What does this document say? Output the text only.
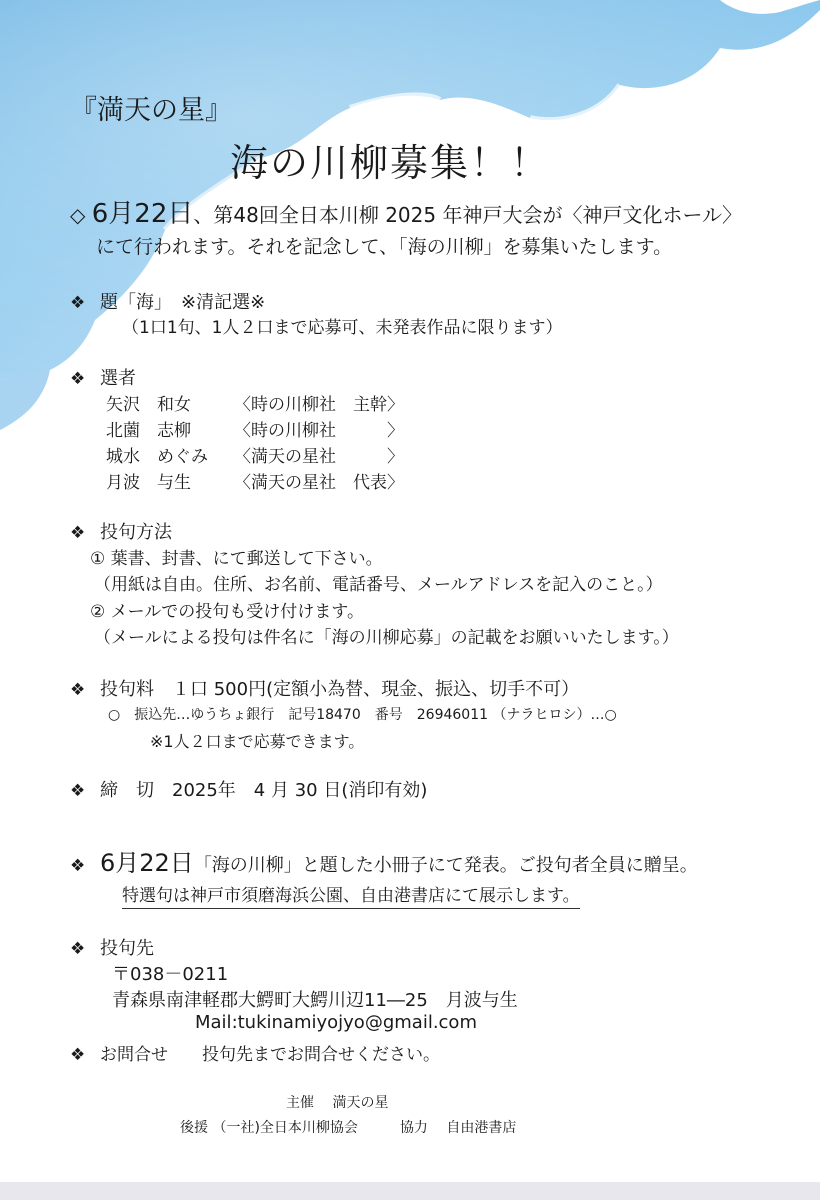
『満天の星』
海の川柳募集！！
◇ 6月22日、第48回全日本川柳 2025 年神戸大会が〈神戸文化ホール〉
にて行われます。それを記念して、「海の川柳」を募集いたします。
❖ 題「海」　※清記選※
（1口1句、1人２口まで応募可、未発表作品に限ります）
❖ 選者
矢沢　和女	〈時の川柳社　主幹〉
北薗　志柳	〈時の川柳社　　　〉
城水　めぐみ 〈満天の星社　　　〉
月波　与生	〈満天の星社　代表〉
❖ 投句方法
① 葉書、封書、にて郵送して下さい。
（用紙は自由。住所、お名前、電話番号、メールアドレスを記入のこと。）
② メールでの投句も受け付けます。
（メールによる投句は件名に「海の川柳応募」の記載をお願いいたします。）
❖ 投句料　１口 500円(定額小為替、現金、振込、切手不可）
○　振込先…ゆうちょ銀行　記号18470　番号　26946011 （ナラヒロシ）…○
※1人２口まで応募できます。
❖ 締　切　2025年　4 月 30 日(消印有効)
❖ 6月22日「海の川柳」と題した小冊子にて発表。ご投句者全員に贈呈。
特選句は神戸市須磨海浜公園、自由港書店にて展示します。
❖ 投句先
〒038－0211
青森県南津軽郡大鰐町大鰐川辺11―25　月波与生
Mail:tukinamiyojyo@gmail.com
❖ お問合せ　　投句先までお問合せください。
主催　 満天の星
後援 （一社)全日本川柳協会　　　協力　 自由港書店
